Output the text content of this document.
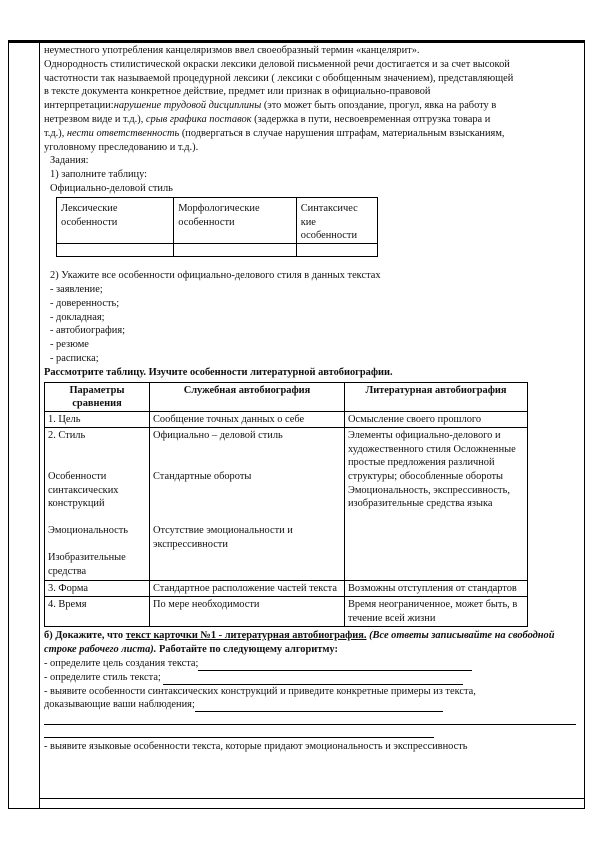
неуместного употребления канцеляризмов ввел своеобразный термин «канцелярит».

Однородность стилистической окраски лексики деловой письменной речи достигается и за счет высокой

частотности так называемой процедурной лексики ( лексики с обобщенным значением), представляющей

в тексте документа конкретное действие, предмет или признак в официально-правовой

интерпретации:нарушение трудовой дисциплины (это может быть опоздание, прогул, явка на работу в

нетрезвом виде и т.д.), срыв графика поставок (задержка в пути, несвоевременная отгрузка товара и

т.д.), нести ответственность (подвергаться в случае нарушения штрафам, материальным взысканиям,

уголовному преследованию и т.д.).

Задания:

1) заполните таблицу:

Официально-деловой стиль

Лексические особенности	Морфологические особенности	Синтаксичес кие особенности

2) Укажите все особенности официально-делового стиля в данных текстах

- заявление;

- доверенность;

- докладная;

- автобиография;

- резюме

- расписка;

Рассмотрите таблицу. Изучите особенности литературной автобиографии.

Параметры сравнения	Служебная автобиография	Литературная автобиография
1. Цель	Сообщение точных данных о себе	Осмысление своего прошлого
2. Стиль

Особенности синтаксических конструкций

Эмоциональность

Изобразительные средства	Официально – деловой стиль

Стандартные обороты

Отсутствие эмоциональности и экспрессивности	Элементы официально-делового и художественного стиля Осложненные простые предложения различной структуры; обособленные обороты Эмоциональность, экспрессивность, изобразительные средства языка
3. Форма	Стандартное расположение частей текста	Возможны отступления от стандартов
4. Время	По мере необходимости	Время неограниченное, может быть, в течение всей жизни

б) Докажите, что текст карточки №1 - литературная автобиография. (Все ответы записывайте на свободной строке рабочего листа). Работайте по следующему алгоритму:

- определите цель создания текста;

- определите стиль текста;

- выявите особенности синтаксических конструкций и приведите конкретные примеры из текста,

доказывающие ваши наблюдения;

- выявите языковые особенности текста, которые придают эмоциональность и экспрессивность
